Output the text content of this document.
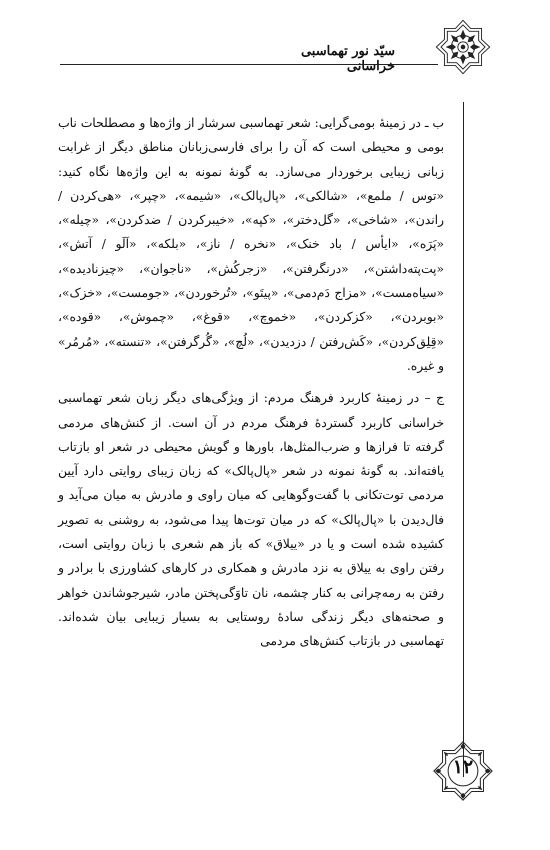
سیّد نور تهماسبی خراسانی

ب ـ در زمینهٔ بومی‌گرایی: شعر تهماسبی سرشار از واژه‌ها و مصطلحات ناب بومی و محیطی است که آن را برای فارسی‌زبانان مناطق دیگر از غرابت زبانی زیبایی برخوردار می‌سازد. به گونهٔ نمونه به این واژه‌ها نگاه کنید: «توس / ملمع»، «شالکی»، «پال‌پالک»، «شیمه»، «چپر»، «هی‌کردن / راندن»، «شاخی»، «گل‌دختر»، «کپه»، «خیبرکردن / ضدکردن»، «چیله»، «پَرَه»، «ایأس / باد خنک»، «نخره / ناز»، «بلکه»، «اَلَو / آتش»، «پت‌پته‌داشتن»، «درنگرفتن»، «زجرکُش»، «ناجوان»، «چیزنادیده»، «سیاه‌مست»، «مزاج دَم‌دمی»، «پیتَو»، «تُرخوردن»، «جومست»، «خزک»، «بوبردن»، «کزکردن»، «خموچ»، «قوغ»، «چموش»، «قوده»، «قِلِق‌کردن»، «کَش‌رفتن / دزدیدن»، «لُچ»، «گُرگرفتن»، «تنسته»، «مُرمُر» و غیره.

ج – در زمینهٔ کاربرد فرهنگ مردم: از ویژگی‌های دیگر زبان شعر تهماسبی خراسانی کاربرد گستردهٔ فرهنگ مردم در آن است. از کنش‌های مردمی گرفته تا فرازها و ضرب‌المثل‌ها، باورها و گویش محیطی در شعر او بازتاب یافته‌اند. به گونهٔ نمونه در شعر «پال‌پالک» که زبان زیبای روایتی دارد آیین مردمی توت‌تکانی با گفت‌وگوهایی که میان راوی و مادرش به میان می‌آید و فال‌دیدن با «پال‌پالک» که در میان توت‌ها پیدا می‌شود، به روشنی به تصویر کشیده شده است و یا در «ییلاق» که باز هم شعری با زبان روایتی است، رفتن راوی به ییلاق به نزد مادرش و همکاری در کارهای کشاورزی با برادر و رفتن به رمه‌چرانی به کنار چشمه، نان تاوَگی‌پختن مادر، شیرجوشاندن خواهر و صحنه‌های دیگر زندگی سادهٔ روستایی به بسیار زیبایی بیان شده‌اند. تهماسبی در بازتاب کنش‌های مردمی

۱۲
